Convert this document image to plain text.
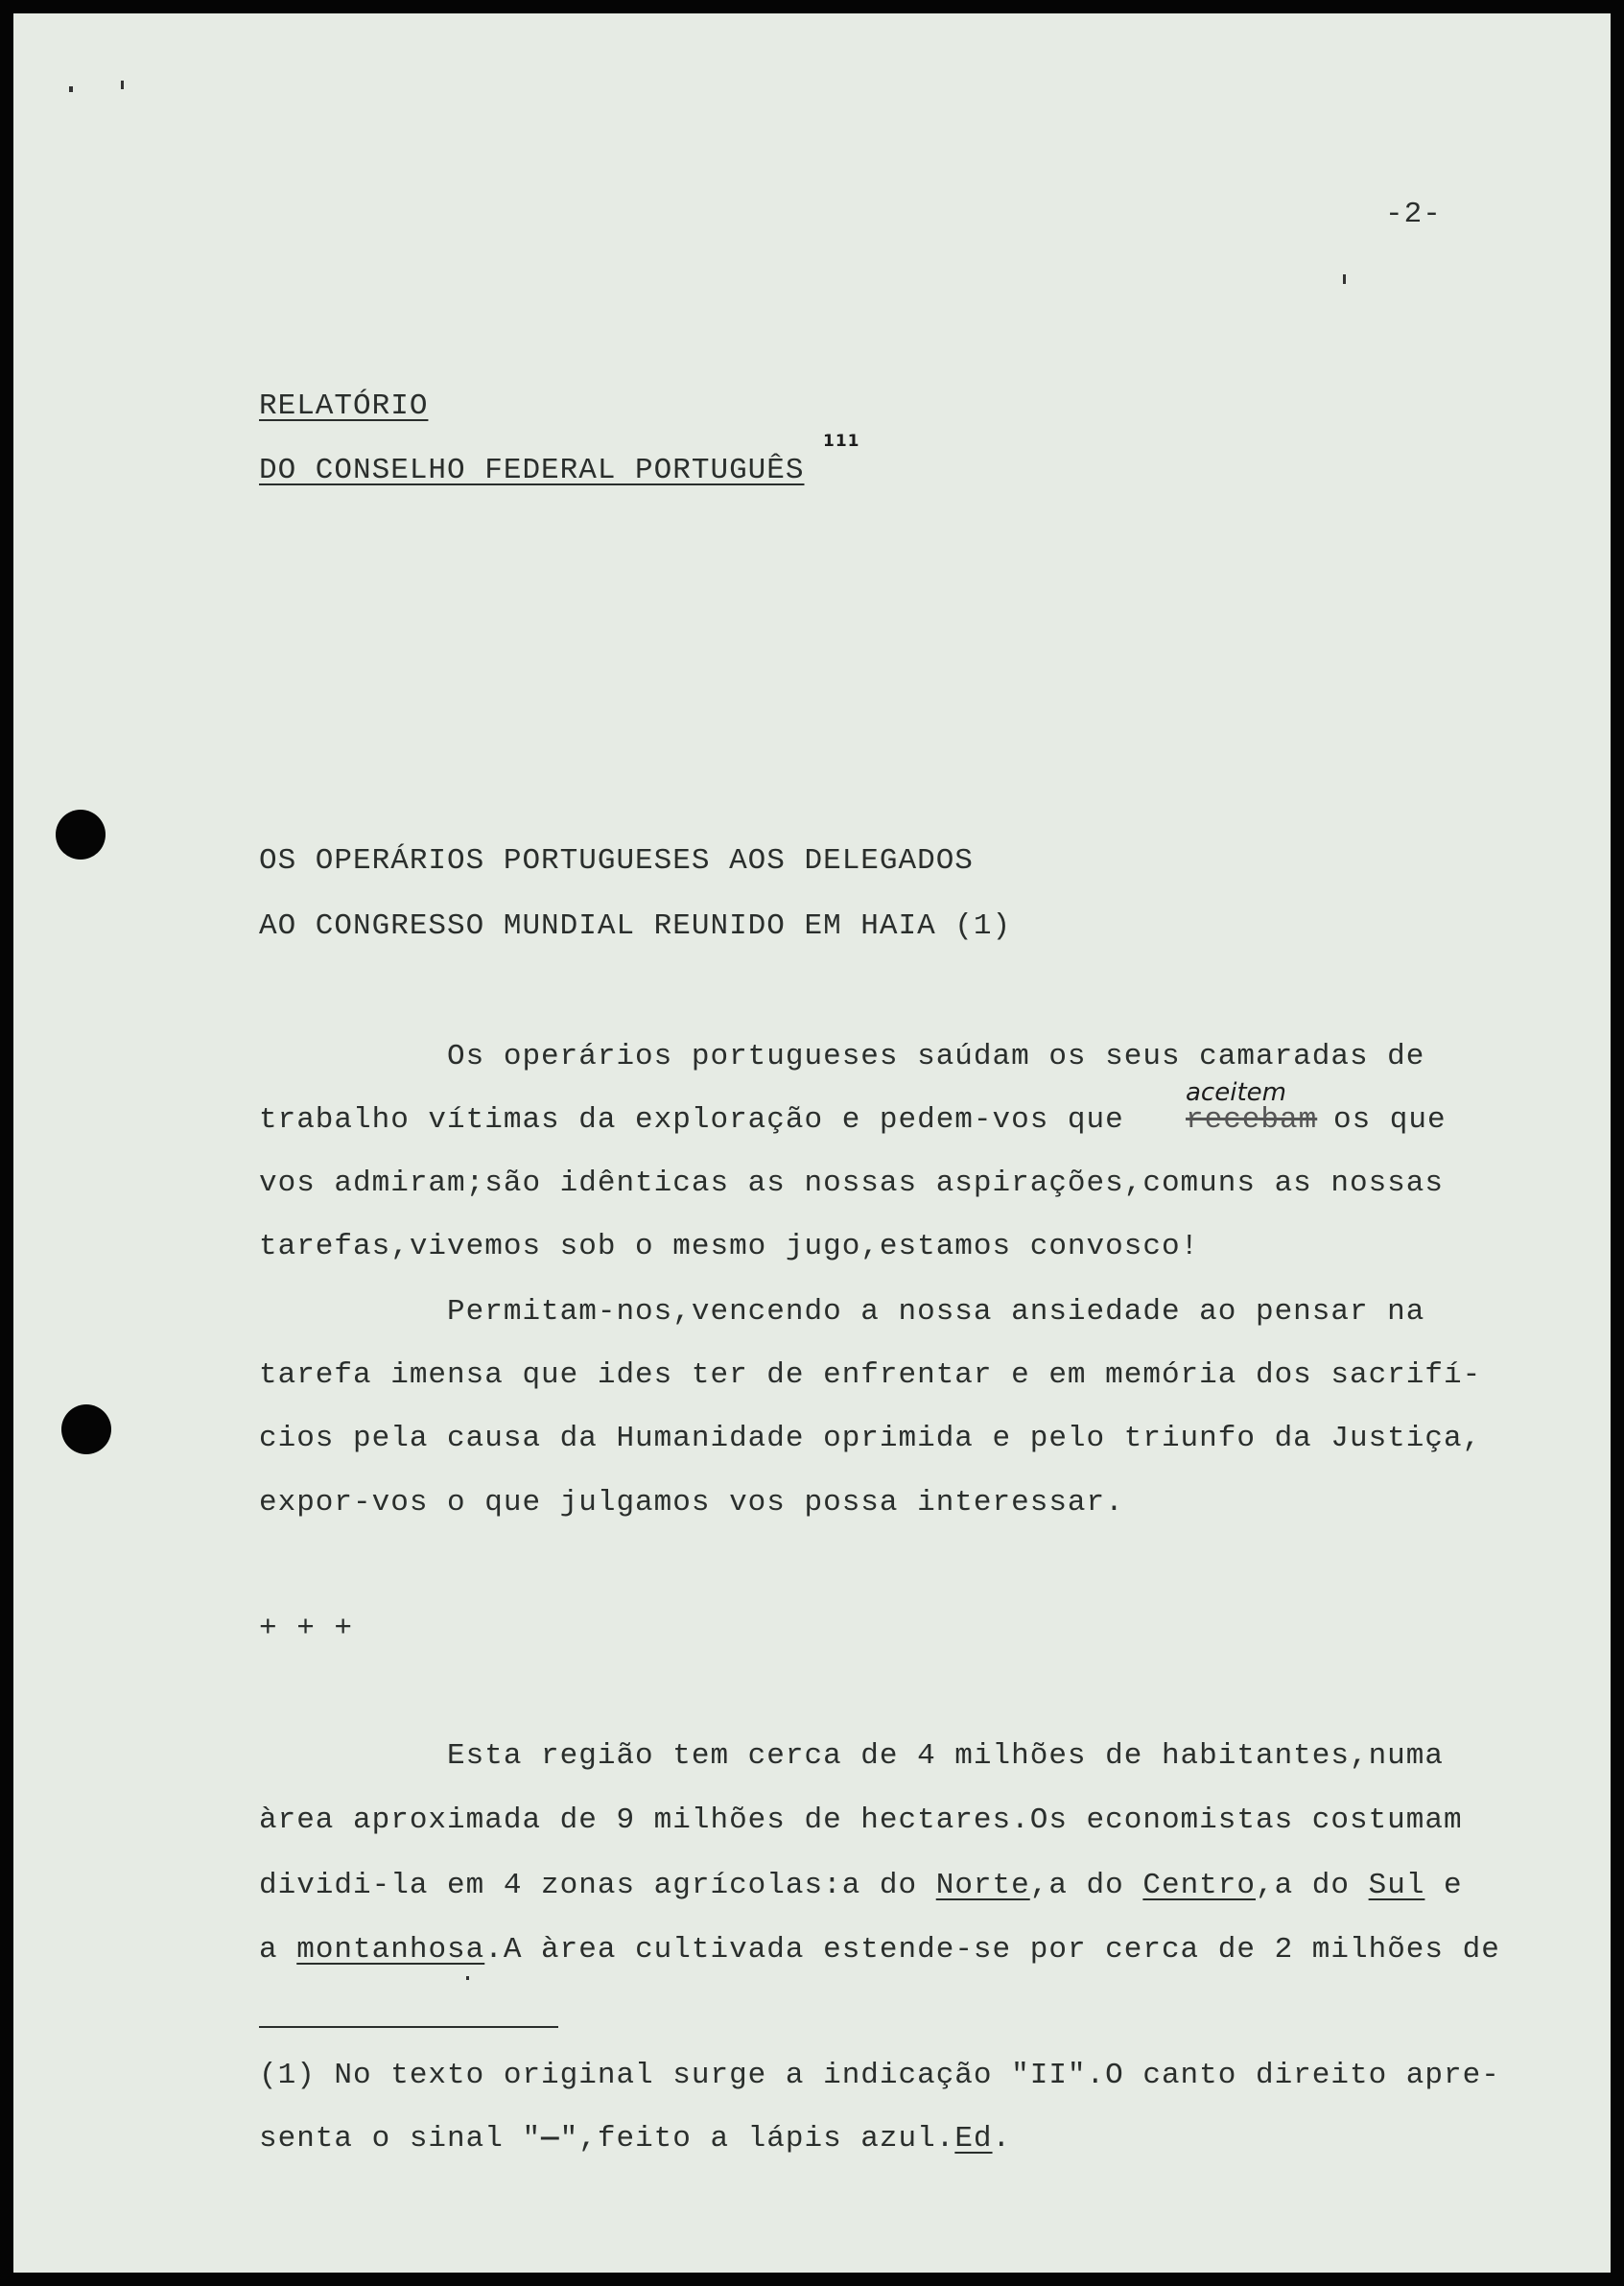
-2-
RELATÓRIO
DO CONSELHO FEDERAL PORTUGUÊS
111
OS OPERÁRIOS PORTUGUESES AOS DELEGADOS
AO CONGRESSO MUNDIAL REUNIDO EM HAIA (1)
Os operários portugueses saúdam os seus camaradas de
trabalho vítimas da exploração e pedem-vos que recebam os que
aceitem
vos admiram;são idênticas as nossas aspirações,comuns as nossas
tarefas,vivemos sob o mesmo jugo,estamos convosco!
Permitam-nos,vencendo a nossa ansiedade ao pensar na
tarefa imensa que ides ter de enfrentar e em memória dos sacrifí-
cios pela causa da Humanidade oprimida e pelo triunfo da Justiça,
expor-vos o que julgamos vos possa interessar.
+ + +
Esta região tem cerca de 4 milhões de habitantes,numa
àrea aproximada de 9 milhões de hectares.Os economistas costumam
dividi-la em 4 zonas agrícolas:a do Norte,a do Centro,a do Sul e
a montanhosa.A àrea cultivada estende-se por cerca de 2 milhões de
(1) No texto original surge a indicação "II".O canto direito apre-
senta o sinal "—",feito a lápis azul.Ed.
